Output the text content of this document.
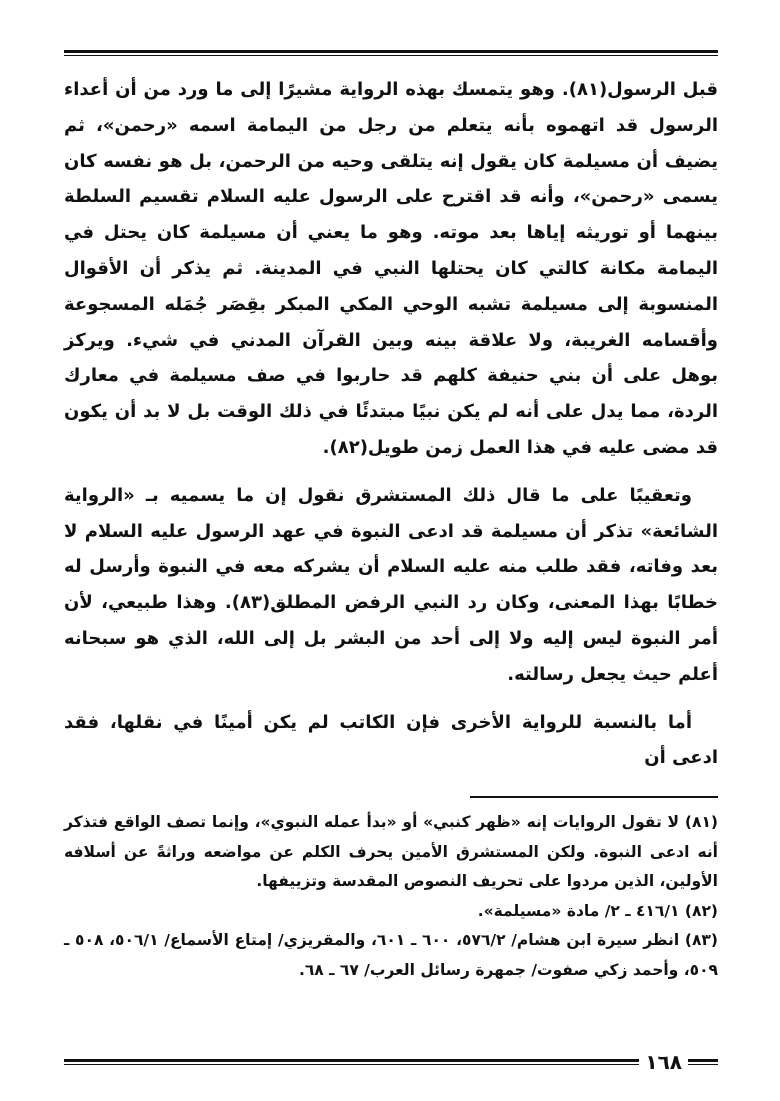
قبل الرسول(٨١). وهو يتمسك بهذه الرواية مشيرًا إلى ما ورد من أن أعداء الرسول قد اتهموه بأنه يتعلم من رجل من اليمامة اسمه «رحمن»، ثم يضيف أن مسيلمة كان يقول إنه يتلقى وحيه من الرحمن، بل هو نفسه كان يسمى «رحمن»، وأنه قد اقترح على الرسول عليه السلام تقسيم السلطة بينهما أو توريثه إياها بعد موته. وهو ما يعني أن مسيلمة كان يحتل في اليمامة مكانة كالتي كان يحتلها النبي في المدينة. ثم يذكر أن الأقوال المنسوبة إلى مسيلمة تشبه الوحي المكي المبكر بقِصَر جُمَله المسجوعة وأقسامه الغريبة، ولا علاقة بينه وبين القرآن المدني في شيء. ويركز بوهل على أن بني حنيفة كلهم قد حاربوا في صف مسيلمة في معارك الردة، مما يدل على أنه لم يكن نبيًا مبتدئًا في ذلك الوقت بل لا بد أن يكون قد مضى عليه في هذا العمل زمن طويل(٨٢).

وتعقيبًا على ما قال ذلك المستشرق نقول إن ما يسميه بـ «الرواية الشائعة» تذكر أن مسيلمة قد ادعى النبوة في عهد الرسول عليه السلام لا بعد وفاته، فقد طلب منه عليه السلام أن يشركه معه في النبوة وأرسل له خطابًا بهذا المعنى، وكان رد النبي الرفض المطلق(٨٣). وهذا طبيعي، لأن أمر النبوة ليس إليه ولا إلى أحد من البشر بل إلى الله، الذي هو سبحانه أعلم حيث يجعل رسالته.

أما بالنسبة للرواية الأخرى فإن الكاتب لم يكن أمينًا في نقلها، فقد ادعى أن

(٨١) لا تقول الروايات إنه «ظهر كنبي» أو «بدأ عمله النبوي»، وإنما تصف الواقع فتذكر أنه ادعى النبوة. ولكن المستشرق الأمين يحرف الكلم عن مواضعه وراثةً عن أسلافه الأولين، الذين مردوا على تحريف النصوص المقدسة وتزييفها.

(٨٢) ٤١٦/١ ـ ٢/ مادة «مسيلمة».

(٨٣) انظر سيرة ابن هشام/ ٥٧٦/٢، ٦٠٠ ـ ٦٠١، والمقريزي/ إمتاع الأسماع/ ٥٠٦/١، ٥٠٨ ـ ٥٠٩، وأحمد زكي صفوت/ جمهرة رسائل العرب/ ٦٧ ـ ٦٨.

١٦٨
